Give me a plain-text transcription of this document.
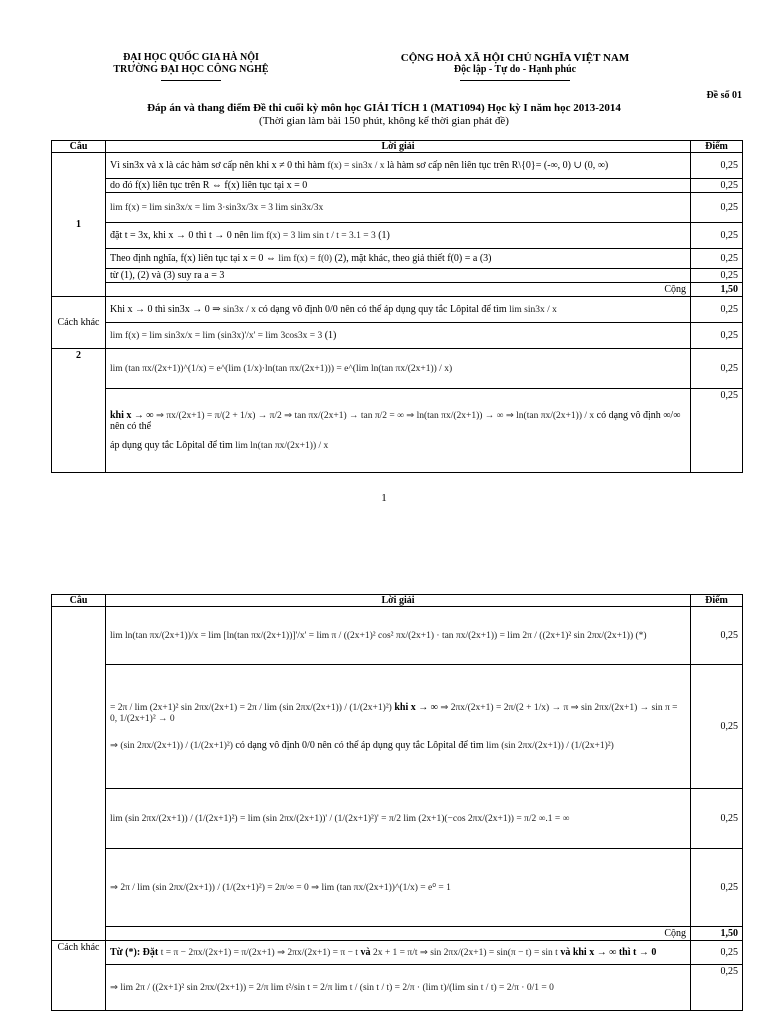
ĐẠI HỌC QUỐC GIA HÀ NỘI
TRƯỜNG ĐẠI HỌC CÔNG NGHỆ
CỘNG HOÀ XÃ HỘI CHỦ NGHĨA VIỆT NAM
Độc lập - Tự do - Hạnh phúc
Đề số 01
Đáp án và thang điểm Đề thi cuối kỳ môn học GIẢI TÍCH 1 (MAT1094) Học kỳ I năm học 2013-2014
(Thời gian làm bài 150 phút, không kể thời gian phát đề)
Câu	Lời giải	Điểm
1	Vì sin3x và x là các hàm sơ cấp nên khi x ≠ 0 thì hàm f(x) = sin3x / x là hàm sơ cấp nên liên tục trên R\{0}= (-∞, 0) ∪ (0, ∞)	0,25
	do đó f(x) liên tục trên R ⇔ f(x) liên tục tại x = 0	0,25
	lim f(x) = lim sin3x/x = lim 3·sin3x/3x = 3 lim sin3x/3x	0,25
	đặt t = 3x, khi x → 0 thì t → 0 nên lim f(x) = 3 lim sin t / t = 3.1 = 3 (1)	0,25
	Theo định nghĩa, f(x) liên tục tại x = 0 ⇔ lim f(x) = f(0) (2), mặt khác, theo giả thiết f(0) = a (3)	0,25
	từ (1), (2) và (3) suy ra a = 3	0,25
	Cộng	1,50
Cách khác	Khi x → 0 thì sin3x → 0 ⇒ sin3x / x có dạng vô định 0/0 nên có thể áp dụng quy tắc Lôpital để tìm lim sin3x / x	0,25
	lim f(x) = lim sin3x/x = lim (sin3x)'/x' = lim 3cos3x = 3 (1)	0,25
2	lim (tan πx/(2x+1))^(1/x) = e^(lim (1/x)·ln(tan πx/(2x+1))) = e^(lim ln(tan πx/(2x+1)) / x)	0,25

	khi x → ∞ ⇒ πx/(2x+1) = π/(2 + 1/x) → π/2 ⇒ tan πx/(2x+1) → tan π/2 = ∞ ⇒ ln(tan πx/(2x+1)) → ∞ ⇒ ln(tan πx/(2x+1)) / x có dạng vô định ∞/∞ nên có thể
áp dụng quy tắc Lôpital để tìm lim ln(tan πx/(2x+1)) / x	0,25
1
Câu	Lời giải	Điểm
	lim ln(tan πx/(2x+1))/x = lim [ln(tan πx/(2x+1))]'/x' = lim π / ((2x+1)² cos² πx/(2x+1) · tan πx/(2x+1)) = lim 2π / ((2x+1)² sin 2πx/(2x+1)) (*)	0,25

	= 2π / lim (2x+1)² sin 2πx/(2x+1) = 2π / lim (sin 2πx/(2x+1)) / (1/(2x+1)²) khi x → ∞ ⇒ 2πx/(2x+1) = 2π/(2 + 1/x) → π ⇒ sin 2πx/(2x+1) → sin π = 0, 1/(2x+1)² → 0
⇒ (sin 2πx/(2x+1)) / (1/(2x+1)²) có dạng vô định 0/0 nên có thể áp dụng quy tắc Lôpital để tìm lim (sin 2πx/(2x+1)) / (1/(2x+1)²)	0,25
	lim (sin 2πx/(2x+1)) / (1/(2x+1)²) = lim (sin 2πx/(2x+1))' / (1/(2x+1)²)' = π/2 lim (2x+1)(−cos 2πx/(2x+1)) = π/2 ∞.1 = ∞	0,25
	⇒ 2π / lim (sin 2πx/(2x+1)) / (1/(2x+1)²) = 2π/∞ = 0 ⇒ lim (tan πx/(2x+1))^(1/x) = e⁰ = 1	0,25
	Cộng	1,50
Cách khác	Từ (*): Đặt t = π − 2πx/(2x+1) = π/(2x+1) ⇒ 2πx/(2x+1) = π − t và 2x + 1 = π/t ⇒ sin 2πx/(2x+1) = sin(π − t) = sin t và khi x → ∞ thì t → 0	0,25
	⇒ lim 2π / ((2x+1)² sin 2πx/(2x+1)) = 2/π lim t²/sin t = 2/π lim t / (sin t / t) = 2/π · (lim t)/(lim sin t / t) = 2/π · 0/1 = 0	0,25
